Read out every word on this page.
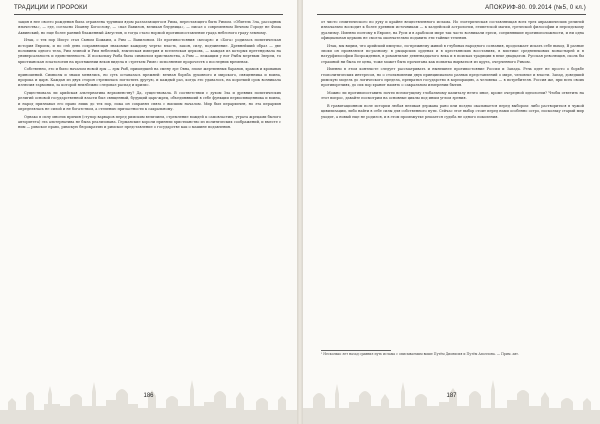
ТРАДИЦИИ И ПРОРОКИ

зация в нее своего рождения была отравлена трупным ядом разлагающегося Рима, перестающего быть Римом. «Обитель Зла, рассадник язычества», — где, согласно Иоанну Богослову, — «пал Вавилон, великая блудница», — писал о современном Вечном Городе не Фома Аквинский, но еще более ранний блаженный Августин, и тогда стало нормой противопоставление града небесного граду земному.

Итак, с тех пор Иисус стал Сыном Божьим, а Рим — Вавилоном. Из противостояния «кесаря» и «Бога» родилась политическая история Европы, и по сей день сохраняющая знакомые каждому черты: власть, закон, силу, подчинение. Древнейший образ — две половины одного тела, Рим земной и Рим небесный, языческая империя и вселенская церковь, — каждая из которых претендовала на универсальность и единственность. И поскольку Рыба была символом христианства, а Рим — лежащим у ног Рыбы мертвым Зверем, то христианская эсхатология на протяжении веков видела в «третьем Риме» исполнение пророчеств о последних временах.

Собственно, это и было началом новой эры — эры Рыб, пришедшей на смену эре Овна, эпохе жертвенных баранов, храмов и кровавых приношений. Символы и знаки менялись, но суть оставалась прежней: вечная борьба духовного и мирского, священника и воина, пророка и царя. Каждая из двух сторон стремилась поглотить другую, и каждый раз, когда это удавалось, на короткий срок возникала иллюзия гармонии, за которой неизбежно следовал распад и кризис.

Существовала ли арийская альтернатива верховенству? Да, существовала. В соответствии с духом Зла и древних политических религий основой государственной власти был священный, будущий царь-жрец, объединявший в себе функции первосвященника и воина, и народ признавал его право лишь до тех пор, пока он сохранял связь с высшим началом. Мир был иерархичен, но эта иерархия определялась не силой и не богатством, а степенью причастности к сакральному.

Однако в силу многих причин (ступор варваров перед римским величием, стремление вождей к самовластию, утрата жрецами былого авторитета) эта альтернатива не была реализована. Германские короли приняли христианство из политических соображений, и вместе с ним — римское право, римскую бюрократию и римское представление о государстве как о машине подавления.

186
АПОКРИФ-80. 09.2014 (№5, 0 кл.)

от чисто семитического по духу и крайне веществленного ислама. Но эзотерическая составляющая всех трех авраамических религий изначально восходит к более древним источникам — к халдейской астрологии, египетской магии, греческой философии и персидскому дуализму. Именно поэтому в Европе, на Руси и в арабском мире так часто возникали ереси, соединявшие противоположности, и ни одна официальная церковь не смогла окончательно подавить эти тайные течения.

Итак, мы видим, что арийский импульс, по-прежнему живой в глубинах народного сознания, продолжает искать себе выход. В разные эпохи он проявлялся по-разному: в рыцарских орденах и в крестьянских восстаниях, в мистике средневековых монастырей и в натурфилософии Возрождения, в романтизме девятнадцатого века и в поисках традиции в веке двадцатом. Русская революция, сколь бы страшной ни была ее цена, тоже может быть прочитана как попытка вырваться из круга, очерченного Римом.

Именно в этом контексте следует рассматривать и нынешнее противостояние России и Запада. Речь идет не просто о борьбе геополитических интересов, но о столкновении двух принципиально разных представлений о мире, человеке и власти. Запад, доведший римскую модель до логического предела, превратил государство в корпорацию, а человека — в потребителя. Россия же, при всех своих противоречиях, до сих пор хранит память о сакральном измерении бытия.

Можно ли противопоставить почти всемогущему глобальному капиталу нечто иное, кроме очередной идеологии? Чтобы ответить на этот вопрос, давайте посмотрим на основные циклы под иным углом зрения.

В гравитационном поле истории любая великая держава рано или поздно оказывается перед выбором: либо раствориться в чужой цивилизации, либо найти в себе силы для собственного пути. Сейчас этот выбор стоит перед нами особенно остро, поскольку старый мир уходит, а новый еще не родился, и в этом промежутке решается судьба не одного поколения.

¹ Несколько лет назад сравнил путь ислама с описываемым выше Путём Дионисия и Путём Аполлона. — Прим. авт.
187
